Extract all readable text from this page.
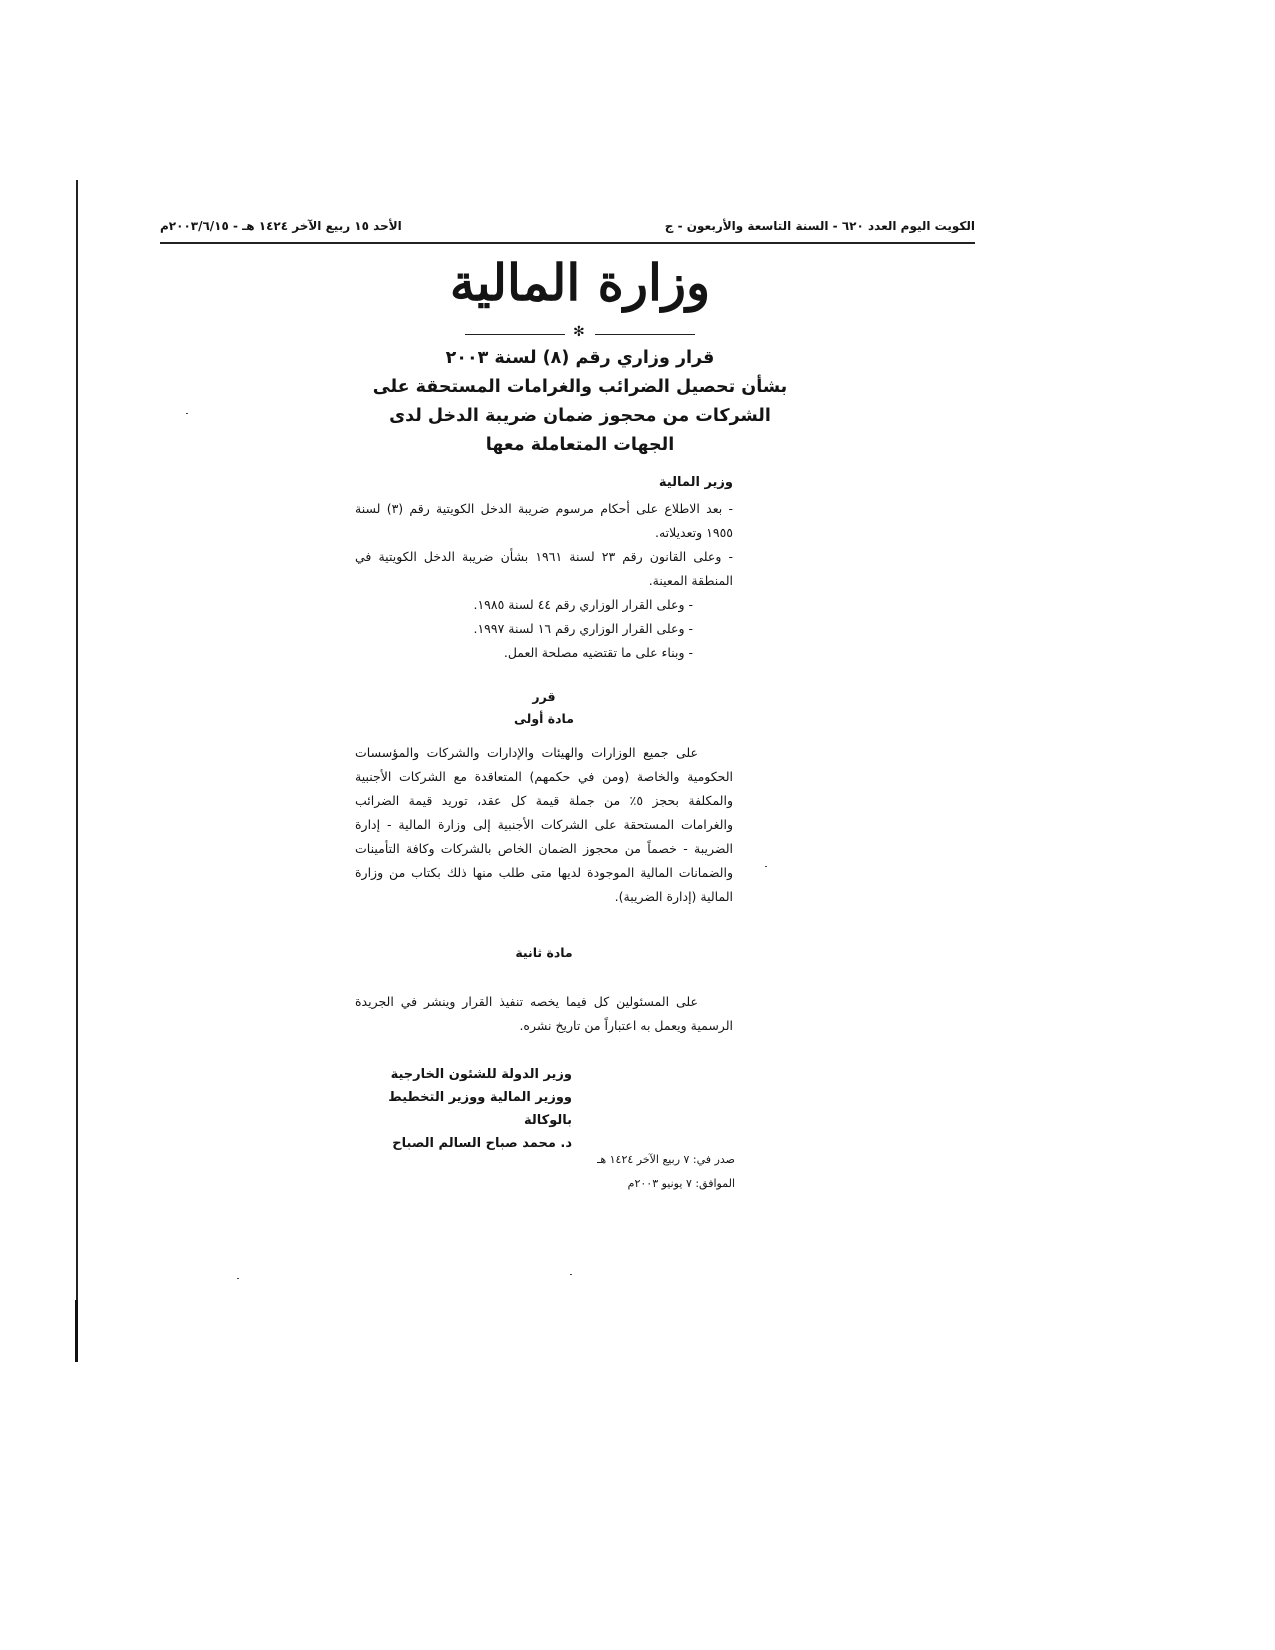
الكويت اليوم العدد ٦٢٠ - السنة التاسعة والأربعون - ج
الأحد ١٥ ربيع الآخر ١٤٢٤ هـ - ٢٠٠٣/٦/١٥م
وزارة المالية
✻
قرار وزاري رقم (٨) لسنة ٢٠٠٣
بشأن تحصيل الضرائب والغرامات المستحقة على
الشركات من محجوز ضمان ضريبة الدخل لدى
الجهات المتعاملة معها
وزير المالية

- بعد الاطلاع على أحكام مرسوم ضريبة الدخل الكويتية رقم (٣) لسنة ١٩٥٥ وتعديلاته.

- وعلى القانون رقم ٢٣ لسنة ١٩٦١ بشأن ضريبة الدخل الكويتية في المنطقة المعينة.

- وعلى القرار الوزاري رقم ٤٤ لسنة ١٩٨٥.

- وعلى القرار الوزاري رقم ١٦ لسنة ١٩٩٧.

- وبناء على ما تقتضيه مصلحة العمل.

قرر
مادة أولى

على جميع الوزارات والهيئات والإدارات والشركات والمؤسسات الحكومية والخاصة (ومن في حكمهم) المتعاقدة مع الشركات الأجنبية والمكلفة بحجز ٥٪ من جملة قيمة كل عقد، توريد قيمة الضرائب والغرامات المستحقة على الشركات الأجنبية إلى وزارة المالية - إدارة الضريبة - خصماً من محجوز الضمان الخاص بالشركات وكافة التأمينات والضمانات المالية الموجودة لديها متى طلب منها ذلك بكتاب من وزارة المالية (إدارة الضريبة).

مادة ثانية

على المسئولين كل فيما يخصه تنفيذ القرار وينشر في الجريدة الرسمية ويعمل به اعتباراً من تاريخ نشره.

وزير الدولة للشئون الخارجية
ووزير المالية ووزير التخطيط بالوكالة
د. محمد صباح السالم الصباح
صدر في: ٧ ربيع الآخر ١٤٢٤ هـ
الموافق: ٧ يونيو ٢٠٠٣م
